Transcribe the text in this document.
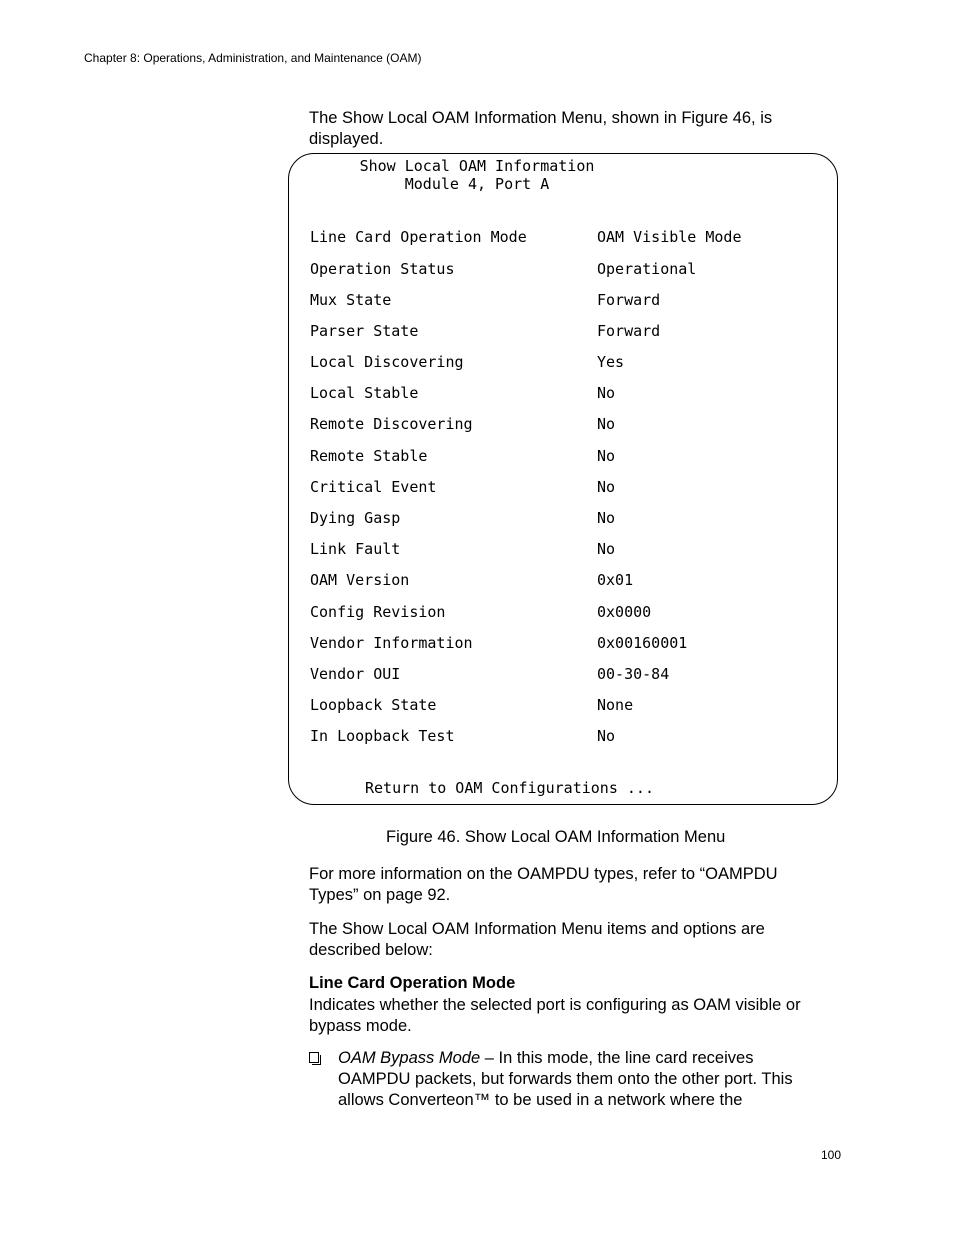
Chapter 8: Operations, Administration, and Maintenance (OAM)
The Show Local OAM Information Menu, shown in Figure 46, is displayed.
Show Local OAM Information
Module 4, Port A
Line Card Operation Mode	OAM Visible Mode
Operation Status	Operational
Mux State	Forward
Parser State	Forward
Local Discovering	Yes
Local Stable	No
Remote Discovering	No
Remote Stable	No
Critical Event	No
Dying Gasp	No
Link Fault	No
OAM Version	0x01
Config Revision	0x0000
Vendor Information	0x00160001
Vendor OUI	00-30-84
Loopback State	None
In Loopback Test	No
Return to OAM Configurations ...
Figure 46. Show Local OAM Information Menu
For more information on the OAMPDU types, refer to “OAMPDU Types” on page 92.
The Show Local OAM Information Menu items and options are described below:
Line Card Operation Mode
Indicates whether the selected port is configuring as OAM visible or bypass mode.
OAM Bypass Mode – In this mode, the line card receives OAMPDU packets, but forwards them onto the other port. This allows Converteon™ to be used in a network where the
100
